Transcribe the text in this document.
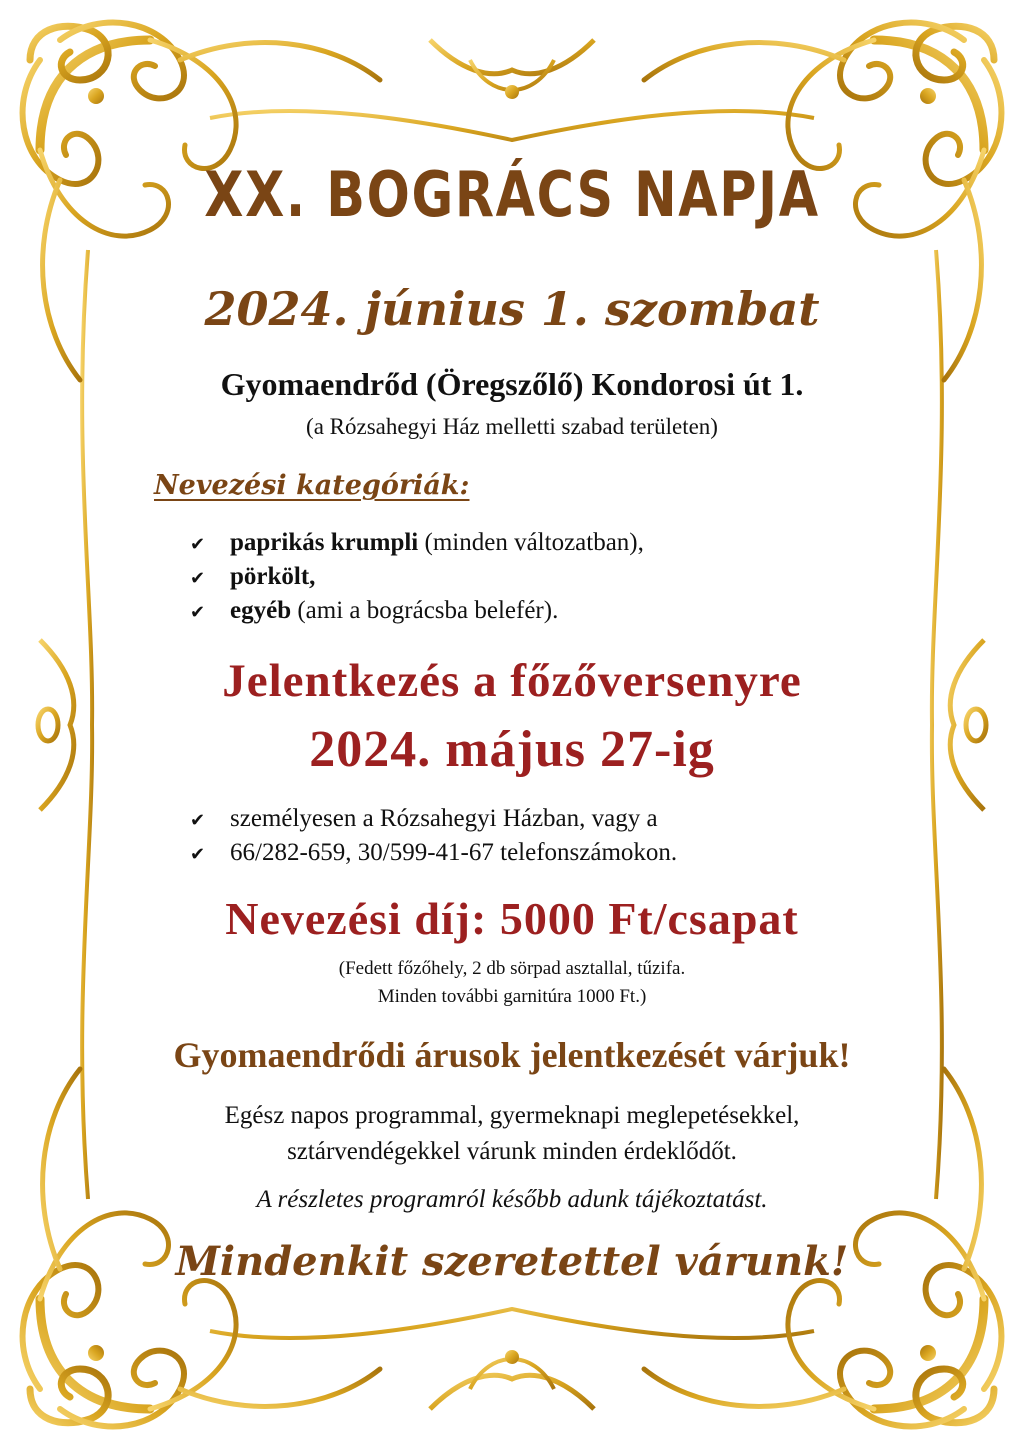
XX. BOGRÁCS NAPJA
2024. június 1. szombat
Gyomaendrőd (Öregszőlő) Kondorosi út 1.
(a Rózsahegyi Ház melletti szabad területen)
Nevezési kategóriák:
✔ paprikás krumpli (minden változatban),
✔ pörkölt,
✔ egyéb (ami a bográcsba belefér).
Jelentkezés a főzőversenyre
2024. május 27-ig
✔ személyesen a Rózsahegyi Házban, vagy a
✔ 66/282-659, 30/599-41-67 telefonszámokon.
Nevezési díj: 5000 Ft/csapat
(Fedett főzőhely, 2 db sörpad asztallal, tűzifa.
Minden további garnitúra 1000 Ft.)
Gyomaendrődi árusok jelentkezését várjuk!
Egész napos programmal, gyermeknapi meglepetésekkel,
sztárvendégekkel várunk minden érdeklődőt.
A részletes programról később adunk tájékoztatást.
Mindenkit szeretettel várunk!
